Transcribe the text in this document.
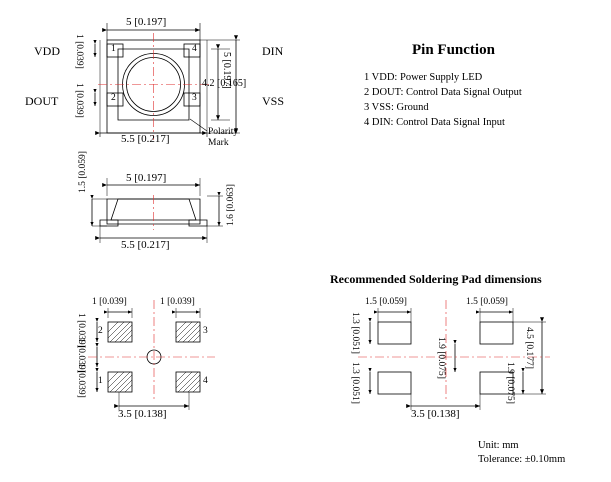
5 [0.197]
5.5 [0.217]
4.2 [0.165]
5 [0.197]
1 [0.039]
1 [0.039]
1
2	3
4
VDD
DOUT
DIN
VSS
Polarity
Mark
5 [0.197]
5.5 [0.217]
1.5 [0.059]
1.6 [0.063]
1 [0.039]	1 [0.039]
1 [0.039]
1 [0.039]
1 [0.039]
3.5 [0.138]
2	3
1	4
Pin Function
1 VDD: Power Supply LED
2 DOUT: Control Data Signal Output
3 VSS: Ground
4 DIN: Control Data Signal Input
Recommended Soldering Pad dimensions
1.5 [0.059]	1.5 [0.059]
1.3 [0.051]
1.3 [0.051]
1.9 [0.075]
1.9 [0.075]
4.5 [0.177]
3.5 [0.138]
Unit: mm
Tolerance: ±0.10mm
